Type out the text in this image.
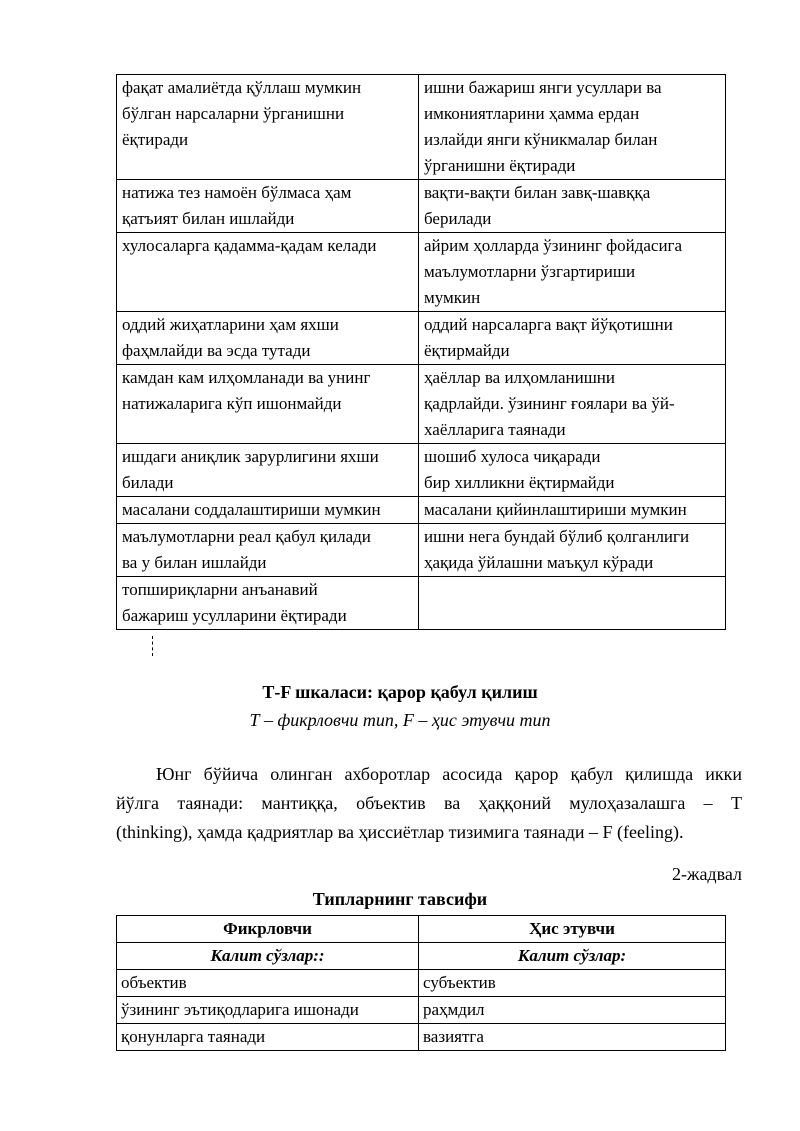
фақат амалиётда қўллаш мумкин
бўлган нарсаларни ўрганишни
ёқтиради	ишни бажариш янги усуллари ва
имкониятларини ҳамма ердан
излайди янги кўникмалар билан
ўрганишни ёқтиради

натижа тез намоён бўлмаса ҳам
қатъият билан ишлайди	вақти-вақти билан завқ-шавққа
берилади

хулосаларга қадамма-қадам келади	айрим ҳолларда ўзининг фойдасига
маълумотларни ўзгартириши
мумкин

оддий жиҳатларини ҳам яхши
фаҳмлайди ва эсда тутади	оддий нарсаларга вақт йўқотишни
ёқтирмайди

камдан кам илҳомланади ва унинг
натижаларига кўп ишонмайди	ҳаёллар ва илҳомланишни
қадрлайди. ўзининг ғоялари ва ўй-
хаёлларига таянади

ишдаги аниқлик зарурлигини яхши
билади	шошиб хулоса чиқаради
бир хилликни ёқтирмайди

масалани соддалаштириши мумкин	масалани қийинлаштириши мумкин

маълумотларни реал қабул қилади
ва у билан ишлайди	ишни нега бундай бўлиб қолганлиги
ҳақида ўйлашни маъқул кўради

топшириқларни анъанавий
бажариш усулларини ёқтиради	

Т-F шкаласи: қарор қабул қилиш
Т – фикрловчи тип, F – ҳис этувчи тип
Юнг бўйича олинган ахборотлар асосида қарор қабул қилишда икки
йўлга таянади: мантиққа, объектив ва ҳаққоний мулоҳазалашга – Т
(thinking), ҳамда қадриятлар ва ҳиссиётлар тизимига таянади – F (feeling).
2-жадвал
Типларнинг тавсифи
Фикрловчи	Ҳис этувчи
Калит сўзлар::	Калит сўзлар:
объектив	субъектив
ўзининг эътиқодларига ишонади	раҳмдил
қонунларга таянади	вазиятга
